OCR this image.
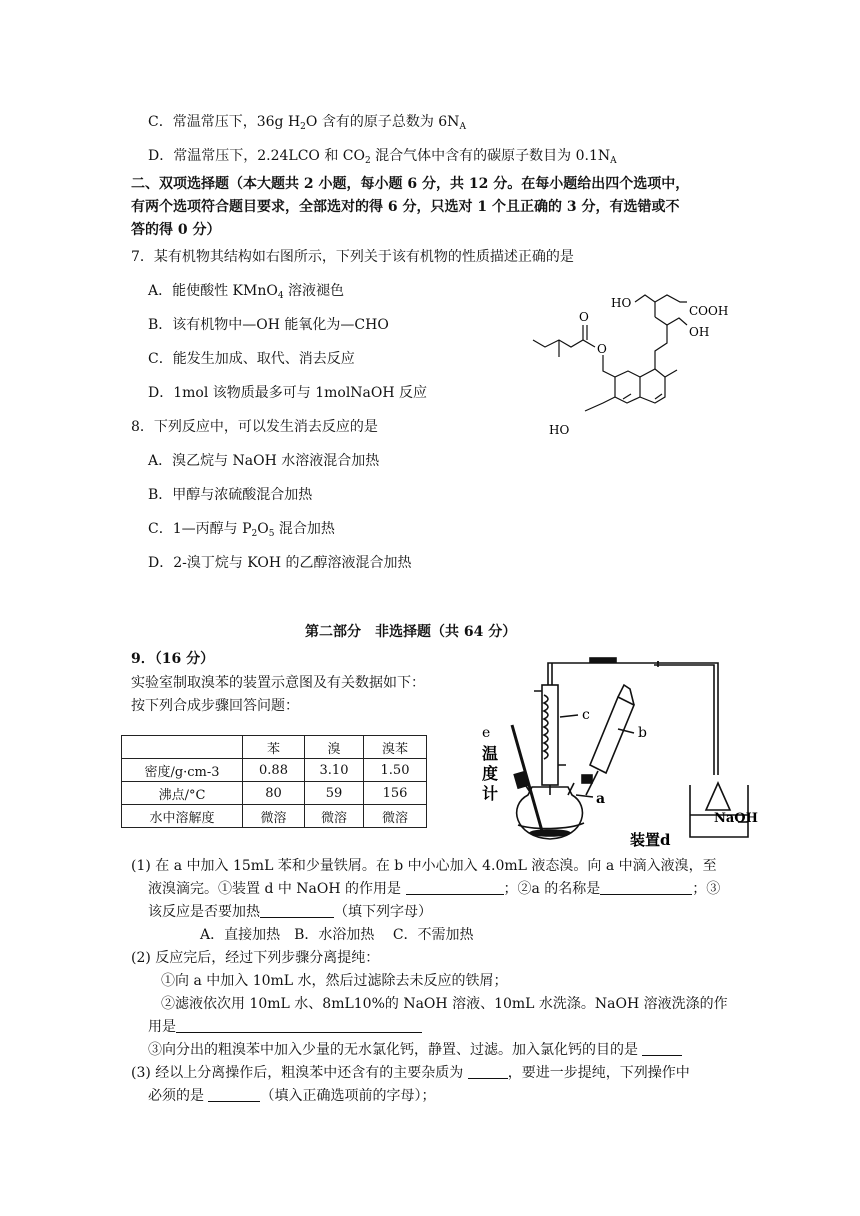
C．常温常压下，36g $H_2O$ 含有的原子总数为 $6N_A$
D．常温常压下，2.24LCO 和 $CO_2$ 混合气体中含有的碳原子数目为 $0.1N_A$
二、双项选择题（本大题共 2 小题，每小题 6 分，共 12 分。在每小题给出四个选项中，
有两个选项符合题目要求，全部选对的得 6 分，只选对 1 个且正确的 3 分，有选错或不
答的得 0 分）
7．某有机物其结构如右图所示，下列关于该有机物的性质描述正确的是
A．能使酸性 KMnO$_4$ 溶液褪色
B．该有机物中—OH 能氧化为—CHO
C．能发生加成、取代、消去反应
D．1mol 该物质最多可与 1molNaOH 反应
HO
COOH
OH
O
O
HO
8．下列反应中，可以发生消去反应的是
A．溴乙烷与 NaOH 水溶液混合加热
B．甲醇与浓硫酸混合加热
C．1—丙醇与 $P_2O_5$ 混合加热
D．2-溴丁烷与 KOH 的乙醇溶液混合加热
第二部分　非选择题（共 64 分）
9．（16 分）
实验室制取溴苯的装置示意图及有关数据如下：
按下列合成步骤回答问题：
	苯	溴	溴苯
密度/g·cm-3	0.88	3.10	1.50
沸点/°C	80	59	156
水中溶解度	微溶	微溶	微溶
c
b
e
温
度
计	a
NaOH
装置d
(1) 在 a 中加入 15mL 苯和少量铁屑。在 b 中小心加入 4.0mL 液态溴。向 a 中滴入液溴，至
液溴滴完。①装置 d 中 NaOH 的作用是	；②a 的名称是	；③
该反应是否要加热	（填下列字母）
A．直接加热　B．水浴加热　 C．不需加热
(2) 反应完后，经过下列步骤分离提纯：
①向 a 中加入 10mL 水，然后过滤除去未反应的铁屑；
②滤液依次用 10mL 水、8mL10%的 NaOH 溶液、10mL 水洗涤。NaOH 溶液洗涤的作
用是
③向分出的粗溴苯中加入少量的无水氯化钙，静置、过滤。加入氯化钙的目的是
(3) 经以上分离操作后，粗溴苯中还含有的主要杂质为	，要进一步提纯，下列操作中
必须的是	（填入正确选项前的字母）；
